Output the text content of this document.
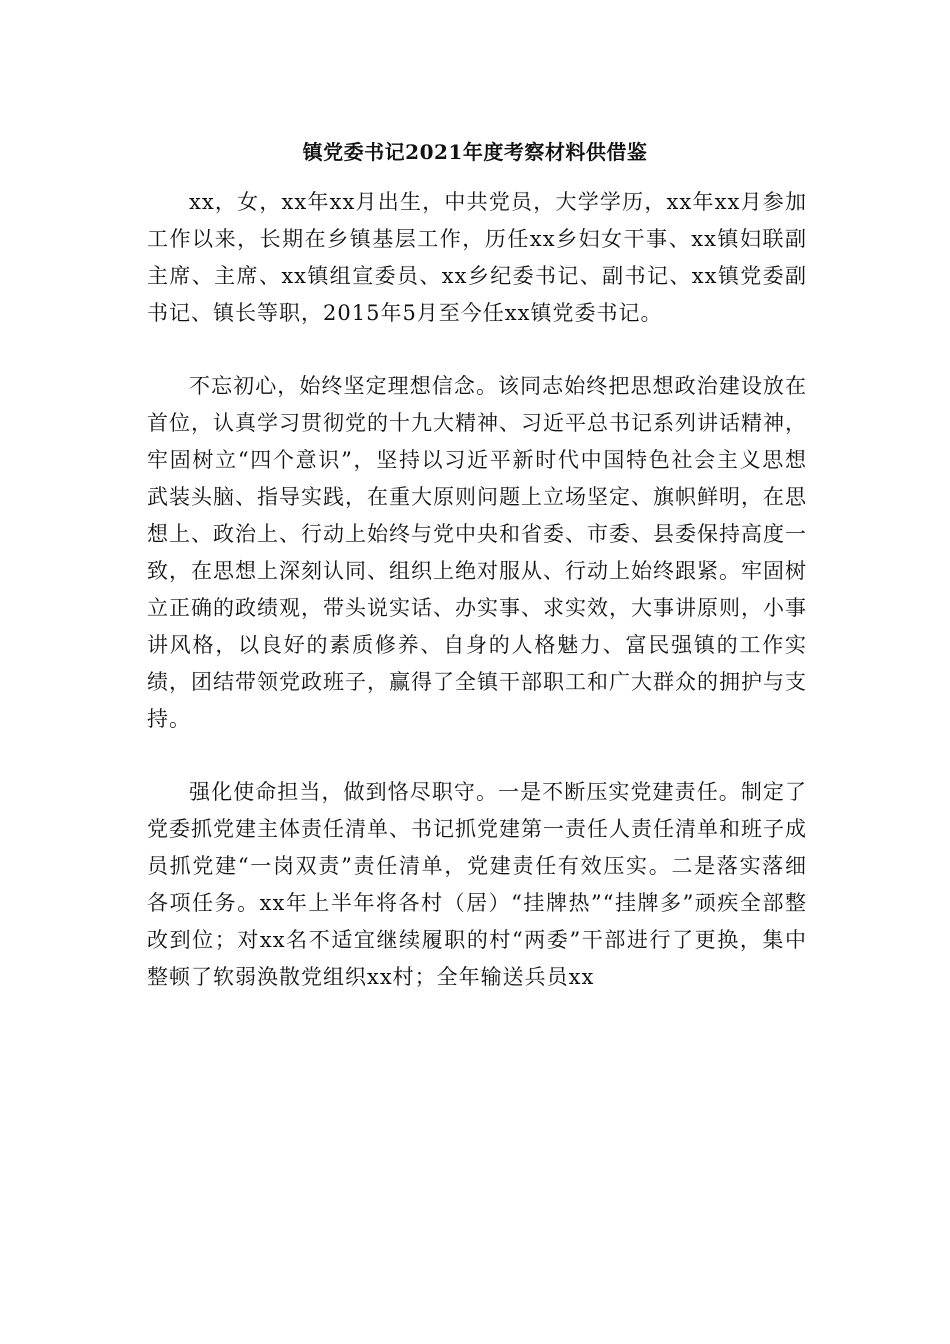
镇党委书记2021年度考察材料供借鉴

xx，女，xx年xx月出生，中共党员，大学学历，xx年xx月参加工作以来，长期在乡镇基层工作，历任xx乡妇女干事、xx镇妇联副主席、主席、xx镇组宣委员、xx乡纪委书记、副书记、xx镇党委副书记、镇长等职，2015年5月至今任xx镇党委书记。

不忘初心，始终坚定理想信念。该同志始终把思想政治建设放在首位，认真学习贯彻党的十九大精神、习近平总书记系列讲话精神，牢固树立“四个意识”，坚持以习近平新时代中国特色社会主义思想武装头脑、指导实践，在重大原则问题上立场坚定、旗帜鲜明，在思想上、政治上、行动上始终与党中央和省委、市委、县委保持高度一致，在思想上深刻认同、组织上绝对服从、行动上始终跟紧。牢固树立正确的政绩观，带头说实话、办实事、求实效，大事讲原则，小事讲风格，以良好的素质修养、自身的人格魅力、富民强镇的工作实绩，团结带领党政班子，赢得了全镇干部职工和广大群众的拥护与支持。

强化使命担当，做到恪尽职守。一是不断压实党建责任。制定了党委抓党建主体责任清单、书记抓党建第一责任人责任清单和班子成员抓党建“一岗双责”责任清单，党建责任有效压实。二是落实落细各项任务。xx年上半年将各村（居）“挂牌热”“挂牌多”顽疾全部整改到位；对xx名不适宜继续履职的村“两委”干部进行了更换，集中整顿了软弱涣散党组织xx村；全年输送兵员xx
